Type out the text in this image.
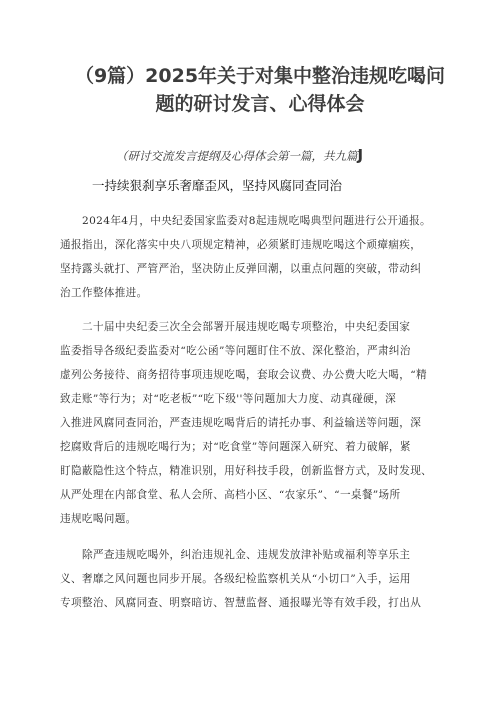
（9篇）2025年关于对集中整治违规吃喝问
题的研讨发言、心得体会
（研讨交流发言提纲及心得体会第一篇，共九篇J
一持续狠刹享乐奢靡歪风，坚持风腐同查同治
2024年4月，中央纪委国家监委对8起违规吃喝典型问题进行公开通报。
通报指出，深化落实中央八项规定精神，必须紧盯违规吃喝这个顽瘴痼疾，
坚持露头就打、严管严治，坚决防止反弹回潮，以重点问题的突破，带动纠
治工作整体推进。
二十届中央纪委三次全会部署开展违规吃喝专项整治，中央纪委国家
监委指导各级纪委监委对“吃公函”等问题盯住不放、深化整治，严肃纠治
虚列公务接待、商务招待事项违规吃喝，套取会议费、办公费大吃大喝，“精
致走账”等行为；对“吃老板”“吃下级''等问题加大力度、动真碰硬，深
入推进风腐同查同治，严查违规吃喝背后的请托办事、利益输送等问题，深
挖腐败背后的违规吃喝行为；对“吃食堂”等问题深入研究、着力破解，紧
盯隐蔽隐性这个特点，精准识别，用好科技手段，创新监督方式，及时发现、
从严处理在内部食堂、私人会所、高档小区、“农家乐”、“一桌餐”场所
违规吃喝问题。
除严查违规吃喝外，纠治违规礼金、违规发放津补贴或福利等享乐主
义、奢靡之风问题也同步开展。各级纪检监察机关从“小切口”入手，运用
专项整治、风腐同查、明察暗访、智慧监督、通报曝光等有效手段，打出从
